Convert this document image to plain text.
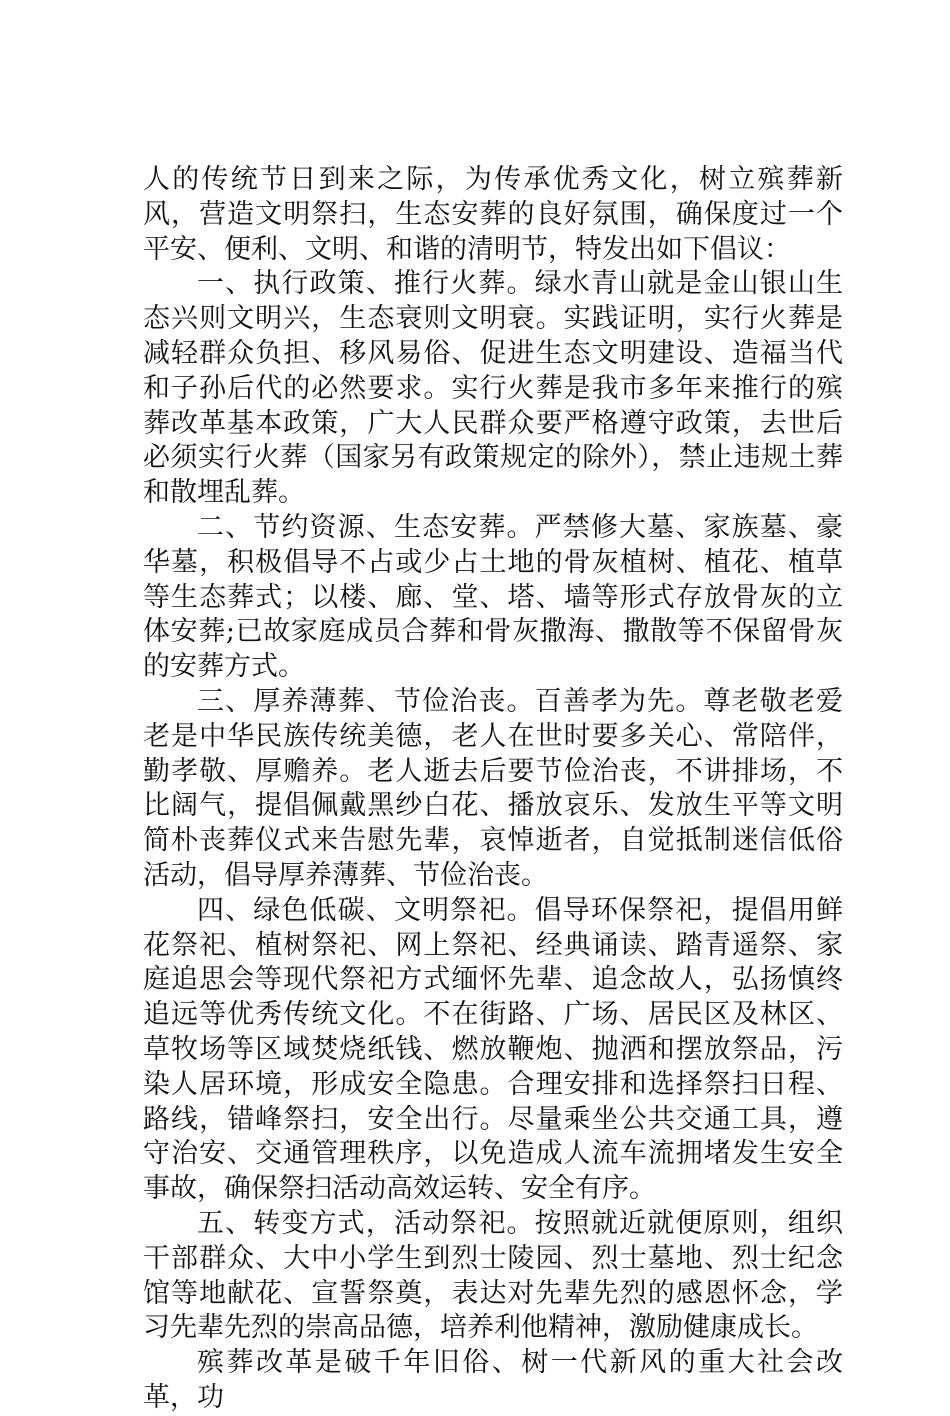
人的传统节日到来之际，为传承优秀文化，树立殡葬新风，营造文明祭扫，生态安葬的良好氛围，确保度过一个平安、便利、文明、和谐的清明节，特发出如下倡议：

一、执行政策、推行火葬。绿水青山就是金山银山生态兴则文明兴，生态衰则文明衰。实践证明，实行火葬是减轻群众负担、移风易俗、促进生态文明建设、造福当代和子孙后代的必然要求。实行火葬是我市多年来推行的殡葬改革基本政策，广大人民群众要严格遵守政策，去世后必须实行火葬（国家另有政策规定的除外），禁止违规土葬和散埋乱葬。

二、节约资源、生态安葬。严禁修大墓、家族墓、豪华墓，积极倡导不占或少占土地的骨灰植树、植花、植草等生态葬式；以楼、廊、堂、塔、墙等形式存放骨灰的立体安葬;已故家庭成员合葬和骨灰撒海、撒散等不保留骨灰的安葬方式。

三、厚养薄葬、节俭治丧。百善孝为先。尊老敬老爱老是中华民族传统美德，老人在世时要多关心、常陪伴，勤孝敬、厚赡养。老人逝去后要节俭治丧，不讲排场，不比阔气，提倡佩戴黑纱白花、播放哀乐、发放生平等文明简朴丧葬仪式来告慰先辈，哀悼逝者，自觉抵制迷信低俗活动，倡导厚养薄葬、节俭治丧。

四、绿色低碳、文明祭祀。倡导环保祭祀，提倡用鲜花祭祀、植树祭祀、网上祭祀、经典诵读、踏青遥祭、家庭追思会等现代祭祀方式缅怀先辈、追念故人，弘扬慎终追远等优秀传统文化。不在街路、广场、居民区及林区、草牧场等区域焚烧纸钱、燃放鞭炮、抛洒和摆放祭品，污染人居环境，形成安全隐患。合理安排和选择祭扫日程、路线，错峰祭扫，安全出行。尽量乘坐公共交通工具，遵守治安、交通管理秩序，以免造成人流车流拥堵发生安全事故，确保祭扫活动高效运转、安全有序。

五、转变方式，活动祭祀。按照就近就便原则，组织干部群众、大中小学生到烈士陵园、烈士墓地、烈士纪念馆等地献花、宣誓祭奠，表达对先辈先烈的感恩怀念，学习先辈先烈的崇高品德，培养利他精神，激励健康成长。

殡葬改革是破千年旧俗、树一代新风的重大社会改革，功
